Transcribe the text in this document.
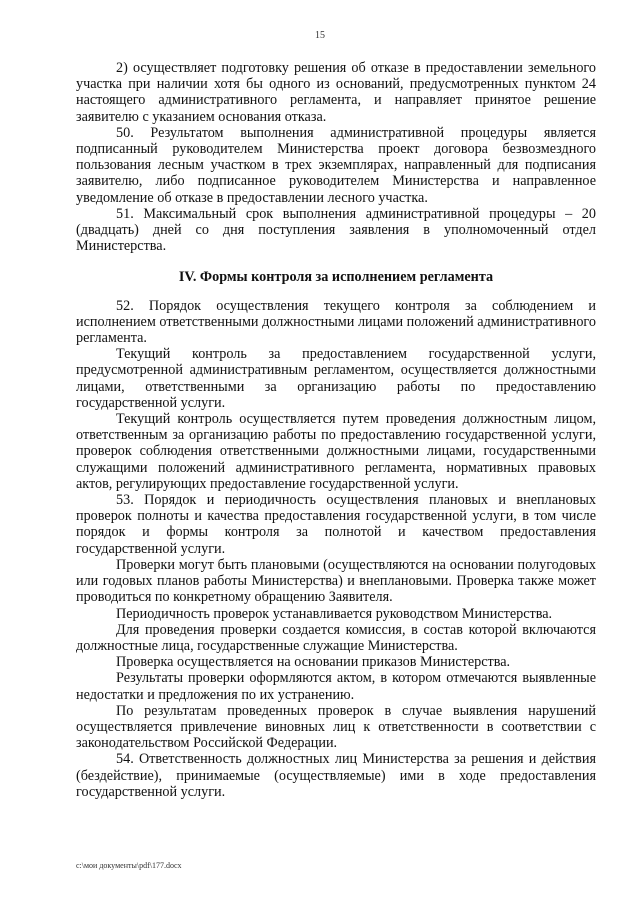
15

2) осуществляет подготовку решения об отказе в предоставлении земельного участка при наличии хотя бы одного из оснований, предусмотренных пунктом 24 настоящего административного регламента, и направляет принятое решение заявителю с указанием основания отказа.

50. Результатом выполнения административной процедуры является подписанный руководителем Министерства проект договора безвозмездного пользования лесным участком в трех экземплярах, направленный для подписания заявителю, либо подписанное руководителем Министерства и направленное уведомление об отказе в предоставлении лесного участка.

51. Максимальный срок выполнения административной процедуры – 20 (двадцать) дней со дня поступления заявления в уполномоченный отдел Министерства.

IV. Формы контроля за исполнением регламента

52. Порядок осуществления текущего контроля за соблюдением и исполнением ответственными должностными лицами положений административного регламента.

Текущий контроль за предоставлением государственной услуги, предусмотренной административным регламентом, осуществляется должностными лицами, ответственными за организацию работы по предоставлению государственной услуги.

Текущий контроль осуществляется путем проведения должностным лицом, ответственным за организацию работы по предоставлению государственной услуги, проверок соблюдения ответственными должностными лицами, государственными служащими положений административного регламента, нормативных правовых актов, регулирующих предоставление государственной услуги.

53. Порядок и периодичность осуществления плановых и внеплановых проверок полноты и качества предоставления государственной услуги, в том числе порядок и формы контроля за полнотой и качеством предоставления государственной услуги.

Проверки могут быть плановыми (осуществляются на основании полугодовых или годовых планов работы Министерства) и внеплановыми. Проверка также может проводиться по конкретному обращению Заявителя.

Периодичность проверок устанавливается руководством Министерства.

Для проведения проверки создается комиссия, в состав которой включаются должностные лица, государственные служащие Министерства.

Проверка осуществляется на основании приказов Министерства.

Результаты проверки оформляются актом, в котором отмечаются выявленные недостатки и предложения по их устранению.

По результатам проведенных проверок в случае выявления нарушений осуществляется привлечение виновных лиц к ответственности в соответствии с законодательством Российской Федерации.

54. Ответственность должностных лиц Министерства за решения и действия (бездействие), принимаемые (осуществляемые) ими в ходе предоставления государственной услуги.

c:\мои документы\pdf\177.docx
